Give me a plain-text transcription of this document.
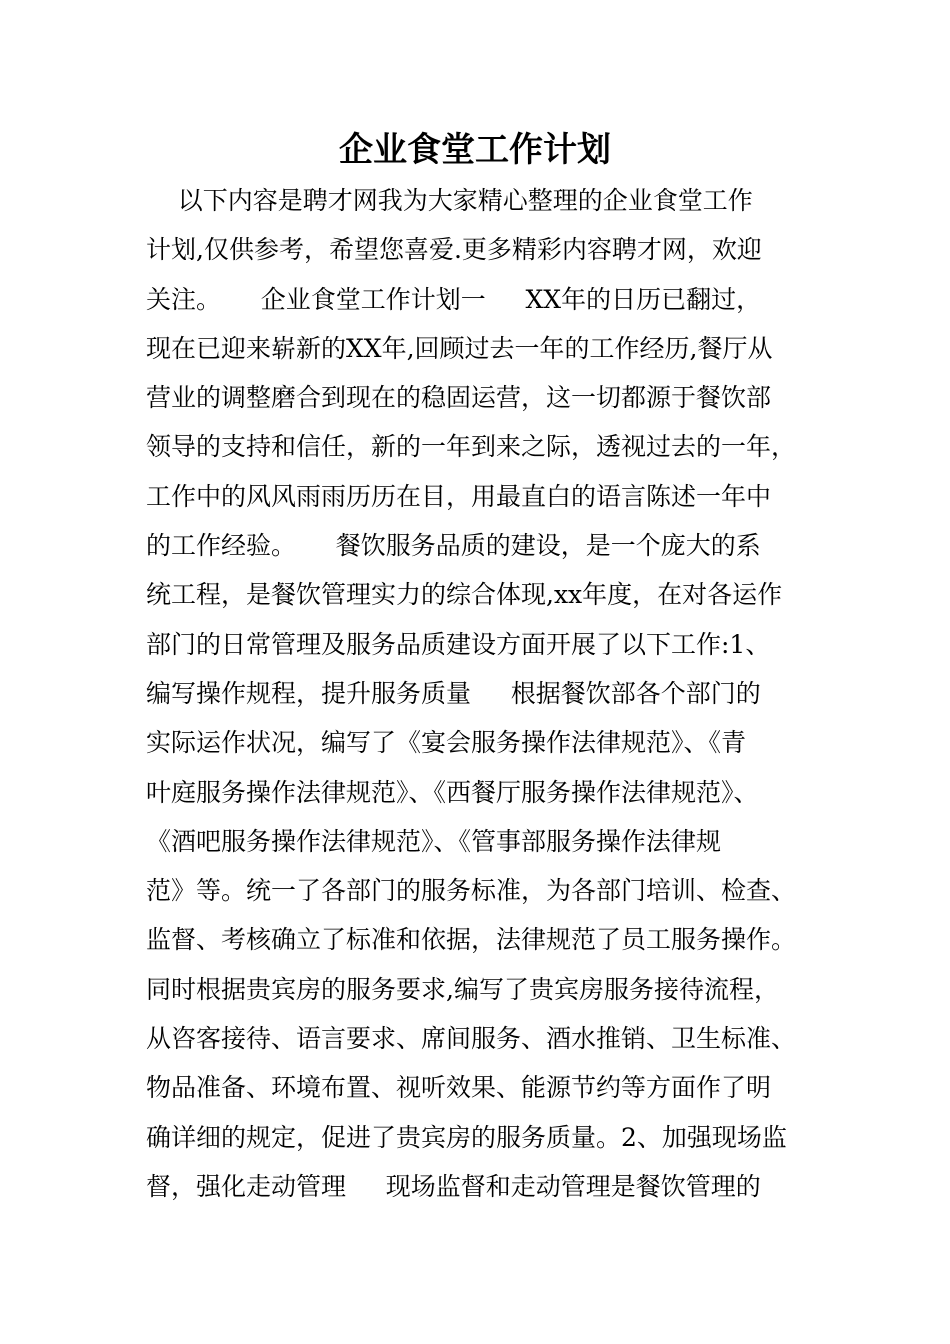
企业食堂工作计划
以下内容是聘才网我为大家精心整理的企业食堂工作
计划,仅供参考，希望您喜爱.更多精彩内容聘才网，欢迎
关注。     企业食堂工作计划一     XX年的日历已翻过，
现在已迎来崭新的XX年,回顾过去一年的工作经历,餐厅从
营业的调整磨合到现在的稳固运营，这一切都源于餐饮部
领导的支持和信任，新的一年到来之际，透视过去的一年，
工作中的风风雨雨历历在目，用最直白的语言陈述一年中
的工作经验。     餐饮服务品质的建设，是一个庞大的系
统工程，是餐饮管理实力的综合体现,xx年度，在对各运作
部门的日常管理及服务品质建设方面开展了以下工作:1、
编写操作规程，提升服务质量     根据餐饮部各个部门的
实际运作状况，编写了《宴会服务操作法律规范》、《青
叶庭服务操作法律规范》、《西餐厅服务操作法律规范》、
《酒吧服务操作法律规范》、《管事部服务操作法律规
范》等。统一了各部门的服务标准，为各部门培训、检查、
监督、考核确立了标准和依据，法律规范了员工服务操作。
同时根据贵宾房的服务要求,编写了贵宾房服务接待流程，
从咨客接待、语言要求、席间服务、酒水推销、卫生标准、
物品准备、环境布置、视听效果、能源节约等方面作了明
确详细的规定，促进了贵宾房的服务质量。2、加强现场监
督，强化走动管理     现场监督和走动管理是餐饮管理的
